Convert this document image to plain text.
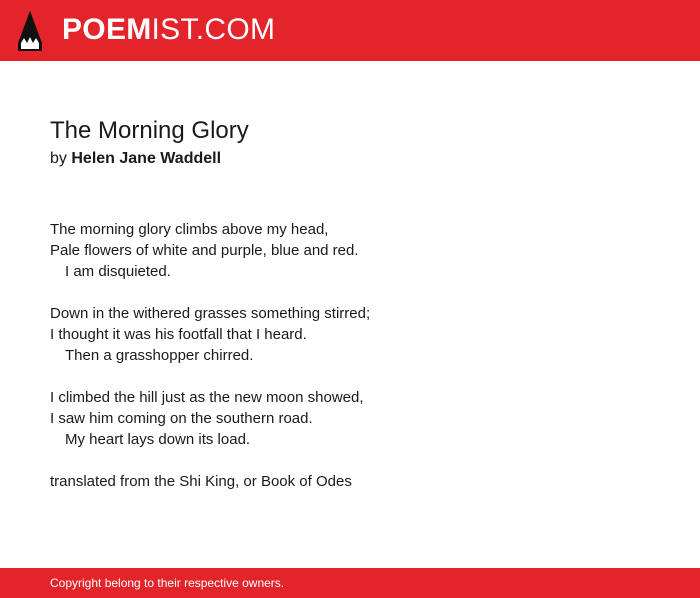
POEMIST.COM
The Morning Glory
by Helen Jane Waddell
The morning glory climbs above my head,
Pale flowers of white and purple, blue and red.
I am disquieted.
Down in the withered grasses something stirred;
I thought it was his footfall that I heard.
Then a grasshopper chirred.
I climbed the hill just as the new moon showed,
I saw him coming on the southern road.
My heart lays down its load.
translated from the Shi King, or Book of Odes
Copyright belong to their respective owners.
